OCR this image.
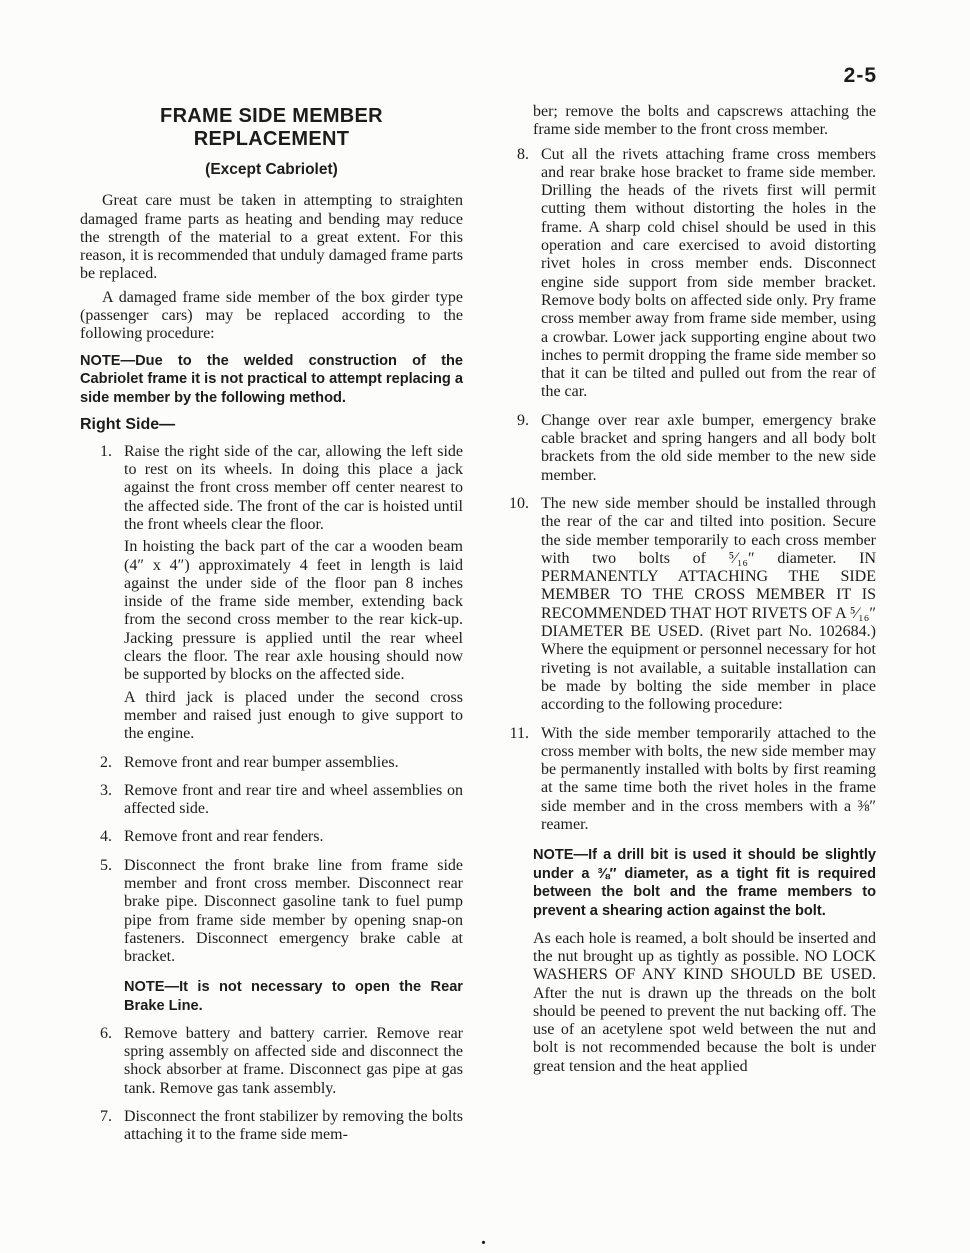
2-5
FRAME SIDE MEMBER REPLACEMENT
(Except Cabriolet)

Great care must be taken in attempting to straighten damaged frame parts as heating and bending may reduce the strength of the material to a great extent. For this reason, it is recommended that unduly damaged frame parts be replaced.

A damaged frame side member of the box girder type (passenger cars) may be replaced according to the following procedure:

NOTE—Due to the welded construction of the Cabriolet frame it is not practical to attempt replacing a side member by the following method.

Right Side—
1. Raise the right side of the car, allowing the left side to rest on its wheels. In doing this place a jack against the front cross member off center nearest to the affected side. The front of the car is hoisted until the front wheels clear the floor.

In hoisting the back part of the car a wooden beam (4″ x 4″) approximately 4 feet in length is laid against the under side of the floor pan 8 inches inside of the frame side member, extending back from the second cross member to the rear kick-up. Jacking pressure is applied until the rear wheel clears the floor. The rear axle housing should now be supported by blocks on the affected side.

A third jack is placed under the second cross member and raised just enough to give support to the engine.

2. Remove front and rear bumper assemblies.

3. Remove front and rear tire and wheel assemblies on affected side.

4. Remove front and rear fenders.

5. Disconnect the front brake line from frame side member and front cross member. Disconnect rear brake pipe. Disconnect gasoline tank to fuel pump pipe from frame side member by opening snap-on fasteners. Disconnect emergency brake cable at bracket.

NOTE—It is not necessary to open the Rear Brake Line.

6. Remove battery and battery carrier. Remove rear spring assembly on affected side and disconnect the shock absorber at frame. Disconnect gas pipe at gas tank. Remove gas tank assembly.

7. Disconnect the front stabilizer by removing the bolts attaching it to the frame side mem-

ber; remove the bolts and capscrews attaching the frame side member to the front cross member.

8. Cut all the rivets attaching frame cross members and rear brake hose bracket to frame side member. Drilling the heads of the rivets first will permit cutting them without distorting the holes in the frame. A sharp cold chisel should be used in this operation and care exercised to avoid distorting rivet holes in cross member ends. Disconnect engine side support from side member bracket. Remove body bolts on affected side only. Pry frame cross member away from frame side member, using a crowbar. Lower jack supporting engine about two inches to permit dropping the frame side member so that it can be tilted and pulled out from the rear of the car.

9. Change over rear axle bumper, emergency brake cable bracket and spring hangers and all body bolt brackets from the old side member to the new side member.

10. The new side member should be installed through the rear of the car and tilted into position. Secure the side member temporarily to each cross member with two bolts of ⁵⁄₁₆″ diameter. IN PERMANENTLY ATTACHING THE SIDE MEMBER TO THE CROSS MEMBER IT IS RECOMMENDED THAT HOT RIVETS OF A ⁵⁄₁₆″ DIAMETER BE USED. (Rivet part No. 102684.) Where the equipment or personnel necessary for hot riveting is not available, a suitable installation can be made by bolting the side member in place according to the following procedure:

11. With the side member temporarily attached to the cross member with bolts, the new side member may be permanently installed with bolts by first reaming at the same time both the rivet holes in the frame side member and in the cross members with a ⅜″ reamer.

NOTE—If a drill bit is used it should be slightly under a ⅜″ diameter, as a tight fit is required between the bolt and the frame members to prevent a shearing action against the bolt.

As each hole is reamed, a bolt should be inserted and the nut brought up as tightly as possible. NO LOCK WASHERS OF ANY KIND SHOULD BE USED. After the nut is drawn up the threads on the bolt should be peened to prevent the nut backing off. The use of an acetylene spot weld between the nut and bolt is not recommended because the bolt is under great tension and the heat applied

.
